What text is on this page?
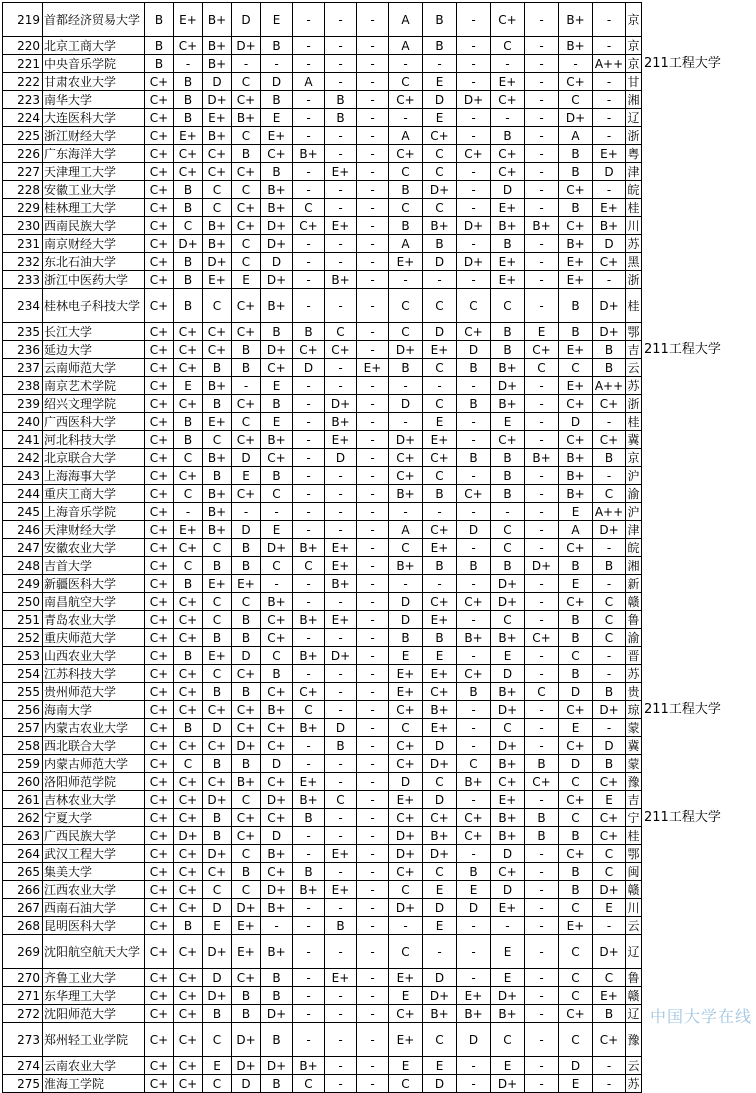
219	首都经济贸易大学	B	E+	B+	D	E	-	-	-	A	B	-	C+	-	B+	-	京	
220	北京工商大学	B	C+	B+	D+	B	-	-	-	A	B	-	C	-	B+	-	京	
221	中央音乐学院	B	-	B+	-	-	-	-	-	-	-	-	-	-	-	A++	京	211工程大学
222	甘肃农业大学	C+	B	D	C	D	A	-	-	C	E	-	E+	-	C+	-	甘	
223	南华大学	C+	B	D+	C+	B	-	B	-	C+	D	D+	C+	-	C	-	湘	
224	大连医科大学	C+	B	E+	B+	E	-	B	-	-	E	-	-	-	D+	-	辽	
225	浙江财经大学	C+	E+	B+	C	E+	-	-	-	A	C+	-	B	-	A	-	浙	
226	广东海洋大学	C+	C+	C+	B	C+	B+	-	-	C+	C	C+	C+	-	B	E+	粤	
227	天津理工大学	C+	C+	C+	C+	B	-	E+	-	C	C	-	C+	-	B	D	津	
228	安徽工业大学	C+	B	C	C	B+	-	-	-	B	D+	-	D	-	C+	-	皖	
229	桂林理工大学	C+	B	C	C+	B+	C	-	-	C	C	-	E+	-	B	E+	桂	
230	西南民族大学	C+	C	B+	C+	D+	C+	E+	-	B	B+	D+	B+	B+	C+	B+	川	
231	南京财经大学	C+	D+	B+	C	D+	-	-	-	A	B	-	B	-	B+	D	苏	
232	东北石油大学	C+	B	D+	C	D	-	-	-	E+	D	D+	E+	-	E+	C+	黑	
233	浙江中医药大学	C+	B	E+	E	D+	-	B+	-	-	-	-	E+	-	E+	-	浙	
234	桂林电子科技大学	C+	B	C	C+	B+	-	-	-	C	C	C	C	-	B	D+	桂	
235	长江大学	C+	C+	C+	C+	B	B	C	-	C	D	C+	B	E	B	D+	鄂	
236	延边大学	C+	C+	C+	B	D+	C+	C+	-	D+	E+	D	B	C+	E+	B	吉	211工程大学
237	云南师范大学	C+	C+	B	B	C+	D	-	E+	B	C	B	B+	C	C	B	云	
238	南京艺术学院	C+	E	B+	-	E	-	-	-	-	-	-	D+	-	E+	A++	苏	
239	绍兴文理学院	C+	C+	B	C+	B	-	D+	-	D	C	B	B+	-	C+	C+	浙	
240	广西医科大学	C+	B	E+	C	E	-	B+	-	-	E	-	E	-	D	-	桂	
241	河北科技大学	C+	B	C	C+	B+	-	E+	-	D+	E+	-	C+	-	C+	C+	冀	
242	北京联合大学	C+	C	B+	D	C+	-	D	-	C+	C+	B	B	B+	B+	B	京	
243	上海海事大学	C+	C+	B	E	B	-	-	-	C+	C	-	B	-	B+	-	沪	
244	重庆工商大学	C+	C	B+	C+	C	-	-	-	B+	B	C+	B	-	B+	C	渝	
245	上海音乐学院	C+	-	B+	-	-	-	-	-	-	-	-	-	-	E	A++	沪	
246	天津财经大学	C+	E+	B+	D	E	-	-	-	A	C+	D	C	-	A	D+	津	
247	安徽农业大学	C+	C+	C	B	D+	B+	E+	-	C	E+	-	C	-	C+	-	皖	
248	吉首大学	C+	C	B	B	C	C	E+	-	B+	B	B	B	D+	B	B	湘	
249	新疆医科大学	C+	B	E+	E+	-	-	B+	-	-	-	-	D+	-	E	-	新	
250	南昌航空大学	C+	C+	C	C	B+	-	-	-	D	C+	C+	D+	-	C+	C	赣	
251	青岛农业大学	C+	C+	C	B	C+	B+	E+	-	D	E+	-	C	-	B	C	鲁	
252	重庆师范大学	C+	C+	B	B	C+	-	-	-	B	B	B+	B+	C+	B	C	渝	
253	山西农业大学	C+	B	E+	D	C	B+	D+	-	E	E	-	E	-	C	-	晋	
254	江苏科技大学	C+	C+	C	C+	B	-	-	-	E+	E+	C+	D	-	B	-	苏	
255	贵州师范大学	C+	C+	B	B	C+	C+	-	-	E+	C+	B	B+	C	D	B	贵	
256	海南大学	C+	C+	C+	C+	B+	C	-	-	C+	B+	-	D+	-	C+	D+	琼	211工程大学
257	内蒙古农业大学	C+	B	D	C+	C+	B+	D	-	C	E+	-	C	-	E	-	蒙	
258	西北联合大学	C+	C+	C+	D+	C+	-	B	-	C+	D	-	D+	-	C+	D	冀	
259	内蒙古师范大学	C+	C	B	B	D	-	-	-	C+	D+	C	B+	B	D	B	蒙	
260	洛阳师范学院	C+	C+	C+	B+	C+	E+	-	-	D	C	B+	C+	C+	C	C+	豫	
261	吉林农业大学	C+	C+	D+	C	D+	B+	C	-	E+	D	-	E+	-	C+	E	吉	
262	宁夏大学	C+	C+	B	C+	C+	B	-	-	C+	C+	C+	B+	B	C	C+	宁	211工程大学
263	广西民族大学	C+	D+	B	C+	D	-	-	-	D+	B+	C+	B+	B	B	C+	桂	
264	武汉工程大学	C+	C+	D+	C	B+	-	E+	-	D+	D+	-	D	-	C+	C	鄂	
265	集美大学	C+	C+	C+	B	C+	B	-	-	C+	C	B	C+	-	B	C	闽	
266	江西农业大学	C+	C+	C	C	D+	B+	E+	-	C	E	E	D	-	B	D+	赣	
267	西南石油大学	C+	C+	D	D+	B+	-	-	-	D+	D	D	E+	-	C	E	川	
268	昆明医科大学	C+	B	E	E+	-	-	B	-	-	E	-	-	-	E+	-	云	
269	沈阳航空航天大学	C+	C+	D+	E+	B+	-	-	-	C	-	-	E	-	C	D+	辽	
270	齐鲁工业大学	C+	C+	D	C+	B	-	E+	-	E+	D	-	E	-	C	C	鲁	
271	东华理工大学	C+	C+	D+	B	B	-	-	-	E	D+	E+	D+	-	C	E+	赣	
272	沈阳师范大学	C+	C+	B	B	D+	-	-	-	C+	B+	B+	B+	-	C+	B	辽	
273	郑州轻工业学院	C+	C+	C	D+	B	-	-	-	E+	C	D	C	-	C	C+	豫	
274	云南农业大学	C+	C+	E	D+	D+	B+	-	-	E	E	-	E	-	D	-	云	
275	淮海工学院	C+	C+	C	D	B	C	-	-	C	D	-	D+	-	E	-	苏	
中国大学在线
